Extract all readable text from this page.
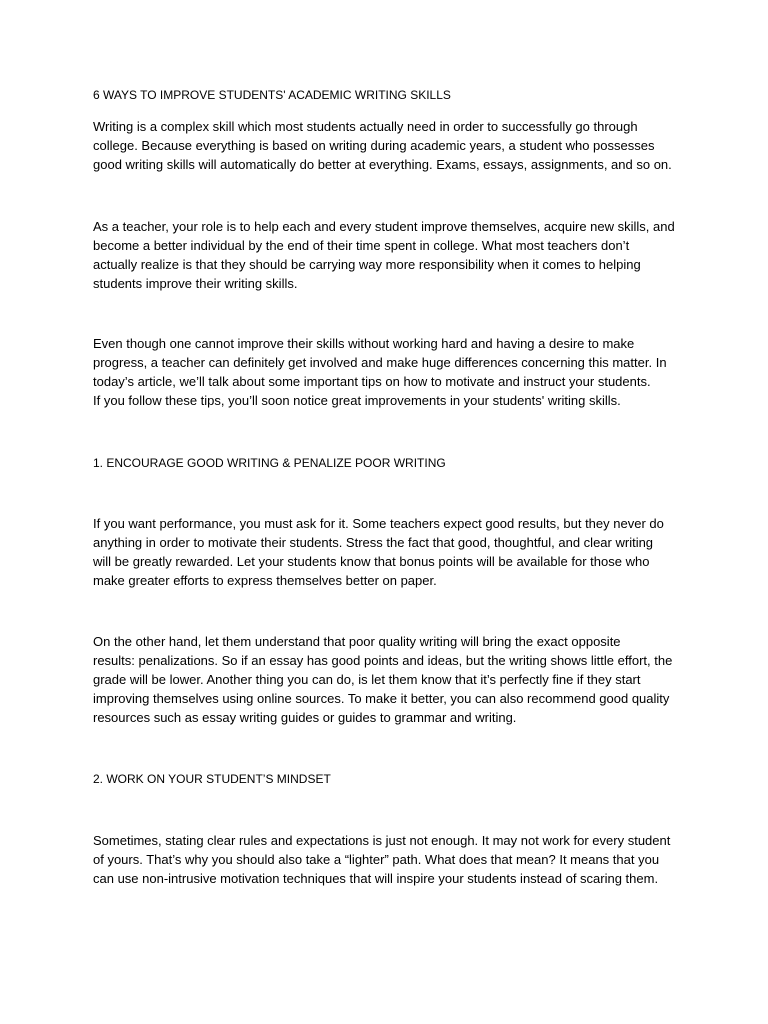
6 WAYS TO IMPROVE STUDENTS' ACADEMIC WRITING SKILLS

Writing is a complex skill which most students actually need in order to successfully go through

college. Because everything is based on writing during academic years, a student who possesses

good writing skills will automatically do better at everything. Exams, essays, assignments, and so on.

As a teacher, your role is to help each and every student improve themselves, acquire new skills, and

become a better individual by the end of their time spent in college. What most teachers don’t

actually realize is that they should be carrying way more responsibility when it comes to helping

students improve their writing skills.

Even though one cannot improve their skills without working hard and having a desire to make

progress, a teacher can definitely get involved and make huge differences concerning this matter. In

today’s article, we’ll talk about some important tips on how to motivate and instruct your students.

If you follow these tips, you’ll soon notice great improvements in your students' writing skills.

1. ENCOURAGE GOOD WRITING & PENALIZE POOR WRITING

If you want performance, you must ask for it. Some teachers expect good results, but they never do

anything in order to motivate their students. Stress the fact that good, thoughtful, and clear writing

will be greatly rewarded. Let your students know that bonus points will be available for those who

make greater efforts to express themselves better on paper.

On the other hand, let them understand that poor quality writing will bring the exact opposite

results: penalizations. So if an essay has good points and ideas, but the writing shows little effort, the

grade will be lower. Another thing you can do, is let them know that it’s perfectly fine if they start

improving themselves using online sources. To make it better, you can also recommend good quality

resources such as essay writing guides or guides to grammar and writing.

2. WORK ON YOUR STUDENT’S MINDSET

Sometimes, stating clear rules and expectations is just not enough. It may not work for every student

of yours. That’s why you should also take a “lighter” path. What does that mean? It means that you

can use non-intrusive motivation techniques that will inspire your students instead of scaring them.
